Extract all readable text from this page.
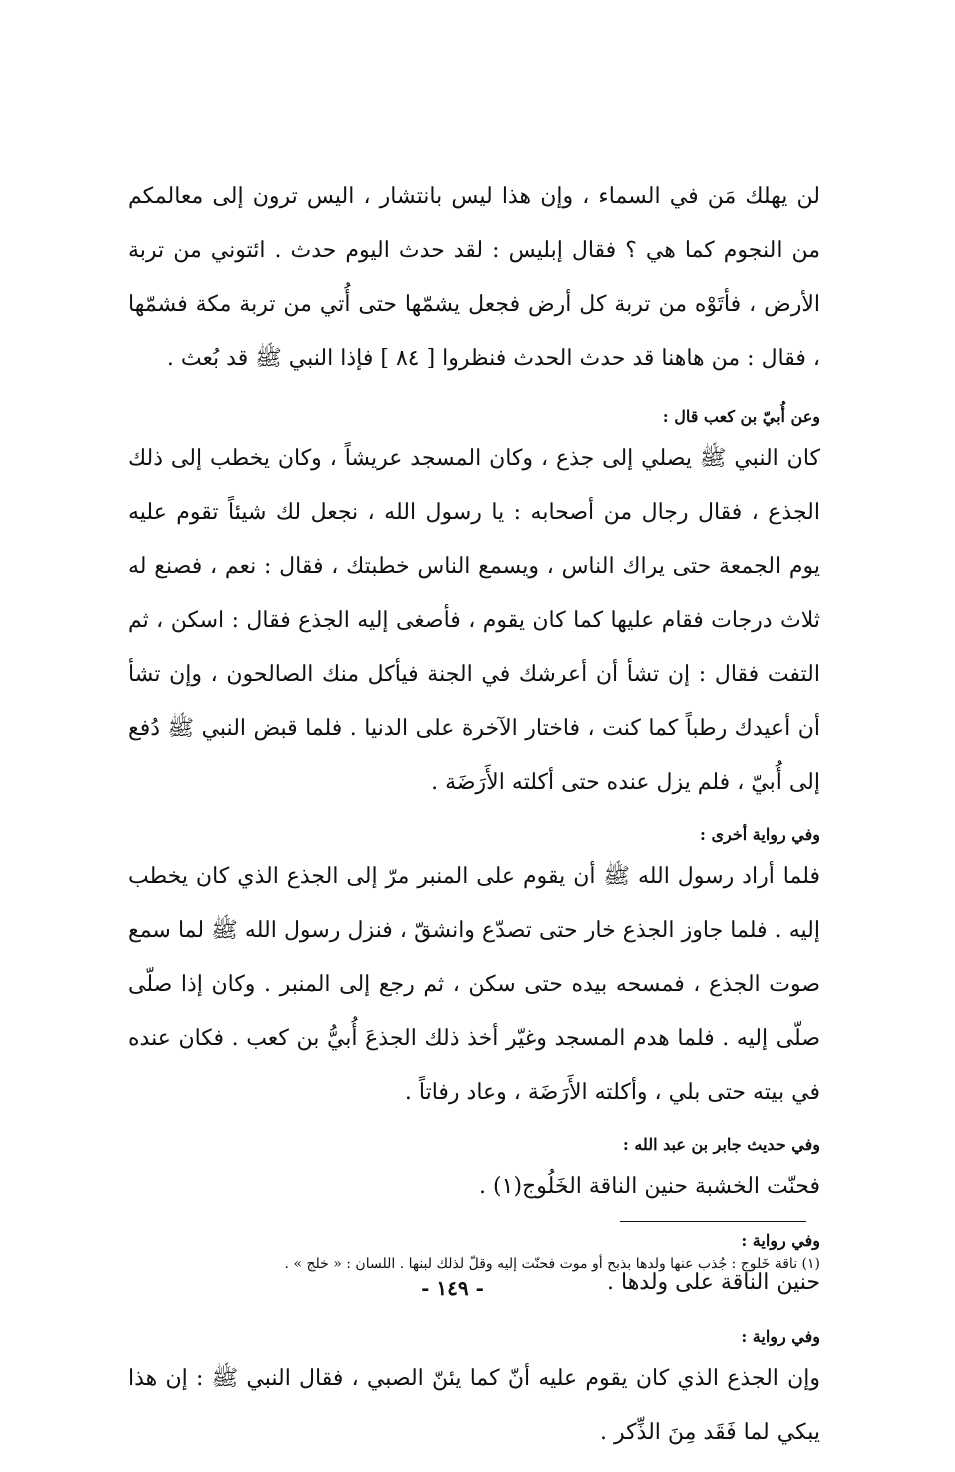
لن يهلك مَن في السماء ، وإن هذا ليس بانتشار ، اليس ترون إلى معالمكم من النجوم كما هي ؟ فقال إبليس : لقد حدث اليوم حدث . ائتوني من تربة الأرض ، فأتَوْه من تربة كل أرض فجعل يشمّها حتى أُتي من تربة مكة فشمّها ، فقال : من هاهنا قد حدث الحدث فنظروا [ ٨٤ ] فإذا النبي ﷺ قد بُعث .

وعن أُبيّ بن كعب قال :

كان النبي ﷺ يصلي إلى جذع ، وكان المسجد عريشاً ، وكان يخطب إلى ذلك الجذع ، فقال رجال من أصحابه : يا رسول الله ، نجعل لك شيئاً تقوم عليه يوم الجمعة حتى يراك الناس ، ويسمع الناس خطبتك ، فقال : نعم ، فصنع له ثلاث درجات فقام عليها كما كان يقوم ، فأصغى إليه الجذع فقال : اسكن ، ثم التفت فقال : إن تشأ أن أعرشك في الجنة فيأكل منك الصالحون ، وإن تشأ أن أعيدك رطباً كما كنت ، فاختار الآخرة على الدنيا . فلما قبض النبي ﷺ دُفع إلى أُبيّ ، فلم يزل عنده حتى أكلته الأَرَضَة .

وفي رواية أخرى :

فلما أراد رسول الله ﷺ أن يقوم على المنبر مرّ إلى الجذع الذي كان يخطب إليه . فلما جاوز الجذع خار حتى تصدّع وانشقّ ، فنزل رسول الله ﷺ لما سمع صوت الجذع ، فمسحه بيده حتى سكن ، ثم رجع إلى المنبر . وكان إذا صلّى صلّى إليه . فلما هدم المسجد وغيّر أخذ ذلك الجذعَ أُبيُّ بن كعب . فكان عنده في بيته حتى بلي ، وأكلته الأَرَضَة ، وعاد رفاتاً .

وفي حديث جابر بن عبد الله :

فحنّت الخشبة حنين الناقة الخَلُوج(١) .

وفي رواية :

حنين الناقة على ولدها .

وفي رواية :

وإن الجذع الذي كان يقوم عليه أنّ كما يئنّ الصبي ، فقال النبي ﷺ : إن هذا يبكي لما فَقَد مِنَ الذِّكر .

(١) ناقة خَلوج : جُذب عنها ولدها بذبح أو موت فحنّت إليه وقلّ لذلك لبنها . اللسان : « خلج » .

- ١٤٩ -
